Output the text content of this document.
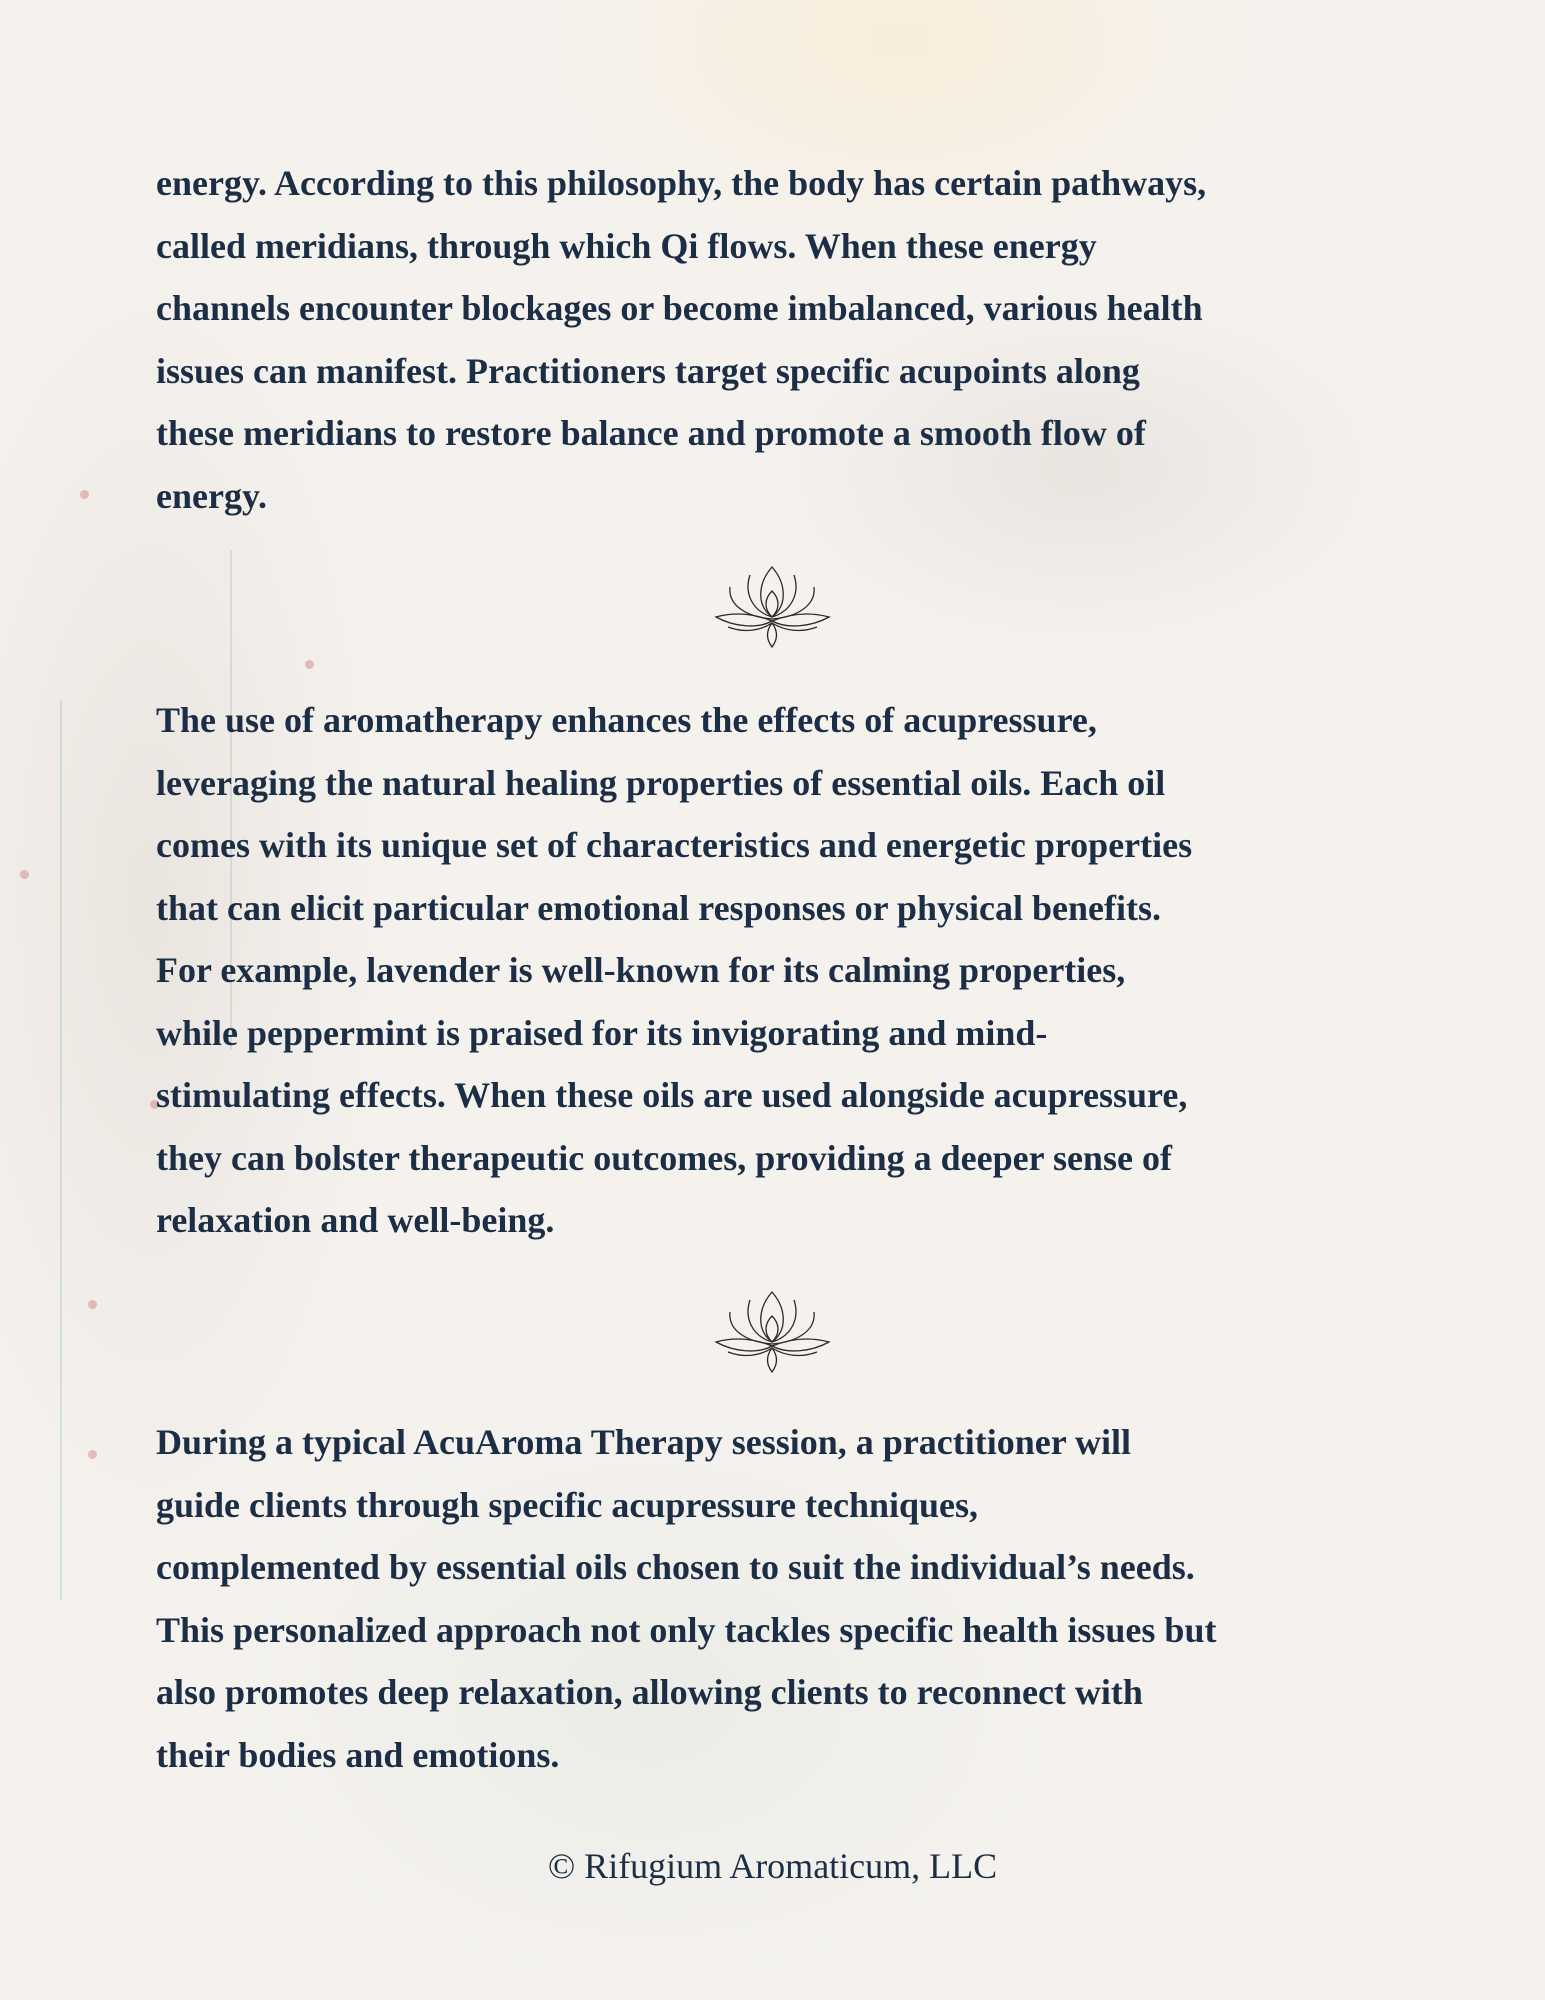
energy. According to this philosophy, the body has certain pathways,
called meridians, through which Qi flows. When these energy
channels encounter blockages or become imbalanced, various health
issues can manifest. Practitioners target specific acupoints along
these meridians to restore balance and promote a smooth flow of
energy.
The use of aromatherapy enhances the effects of acupressure,
leveraging the natural healing properties of essential oils. Each oil
comes with its unique set of characteristics and energetic properties
that can elicit particular emotional responses or physical benefits.
For example, lavender is well-known for its calming properties,
while peppermint is praised for its invigorating and mind-
stimulating effects. When these oils are used alongside acupressure,
they can bolster therapeutic outcomes, providing a deeper sense of
relaxation and well-being.
During a typical AcuAroma Therapy session, a practitioner will
guide clients through specific acupressure techniques,
complemented by essential oils chosen to suit the individual’s needs.
This personalized approach not only tackles specific health issues but
also promotes deep relaxation, allowing clients to reconnect with
their bodies and emotions.
© Rifugium Aromaticum, LLC
